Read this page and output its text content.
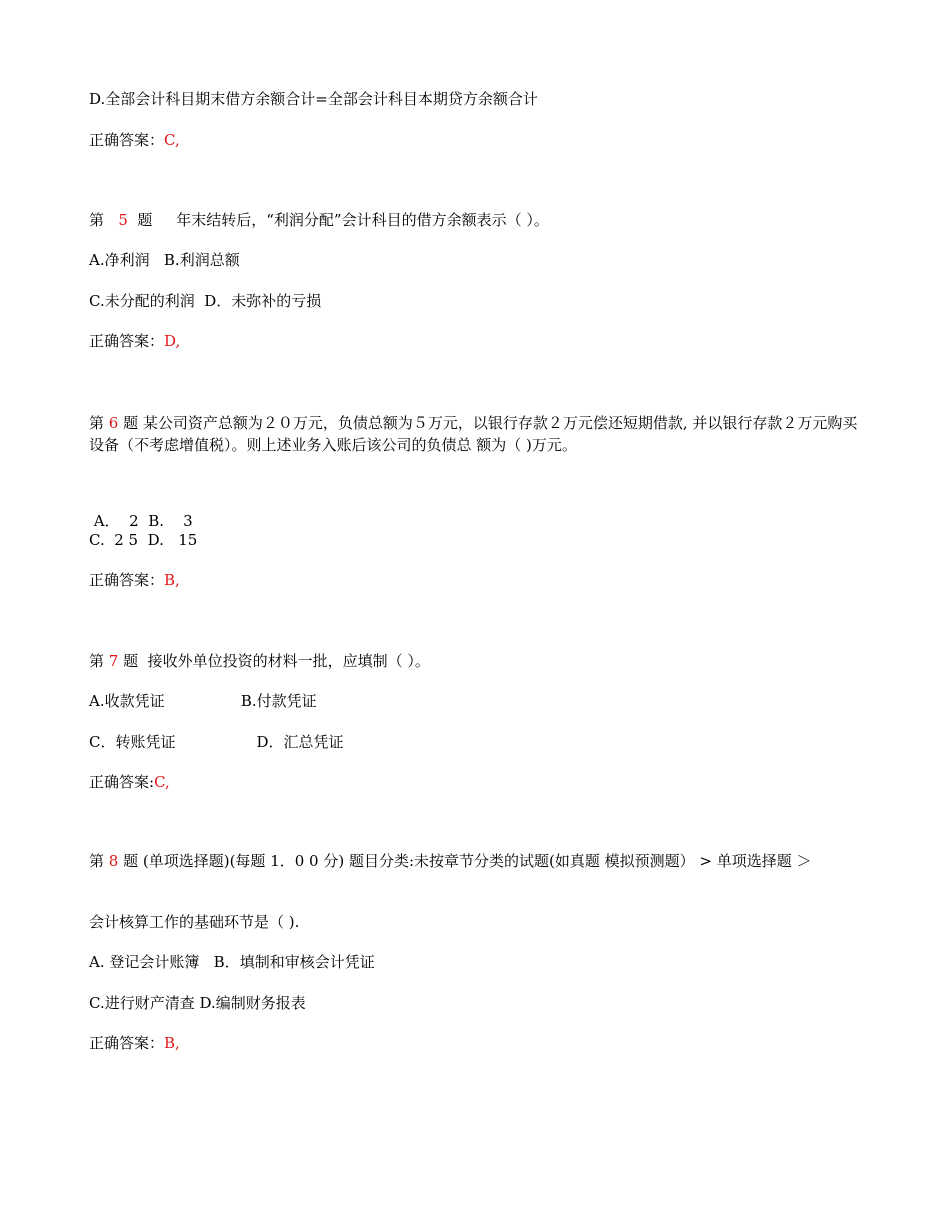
D.全部会计科目期末借方余额合计=全部会计科目本期贷方余额合计
正确答案：C,
第   5  题     年末结转后，“利润分配”会计科目的借方余额表示（ ）。
A.净利润   B.利润总额
C.未分配的利润  D．未弥补的亏损
正确答案：D,
第 6 题 某公司资产总额为２０万元，负债总额为５万元，以银行存款２万元偿还短期借款, 并以银行存款２万元购买设备（不考虑增值税）。则上述业务入账后该公司的负债总 额为（ )万元。
A．  2  B.    3
C.  2 5  D.   15
正确答案：B,
第 7 题  接收外单位投资的材料一批，应填制（ ）。
A.收款凭证                B.付款凭证
C．转账凭证                 D．汇总凭证
正确答案:C,
第 8 题 (单项选择题)(每题 1．0 0 分) 题目分类:未按章节分类的试题(如真题 模拟预测题） > 单项选择题 ＞
会计核算工作的基础环节是（ ).
A. 登记会计账簿   B．填制和审核会计凭证
C.进行财产清查 D.编制财务报表
正确答案：B,
